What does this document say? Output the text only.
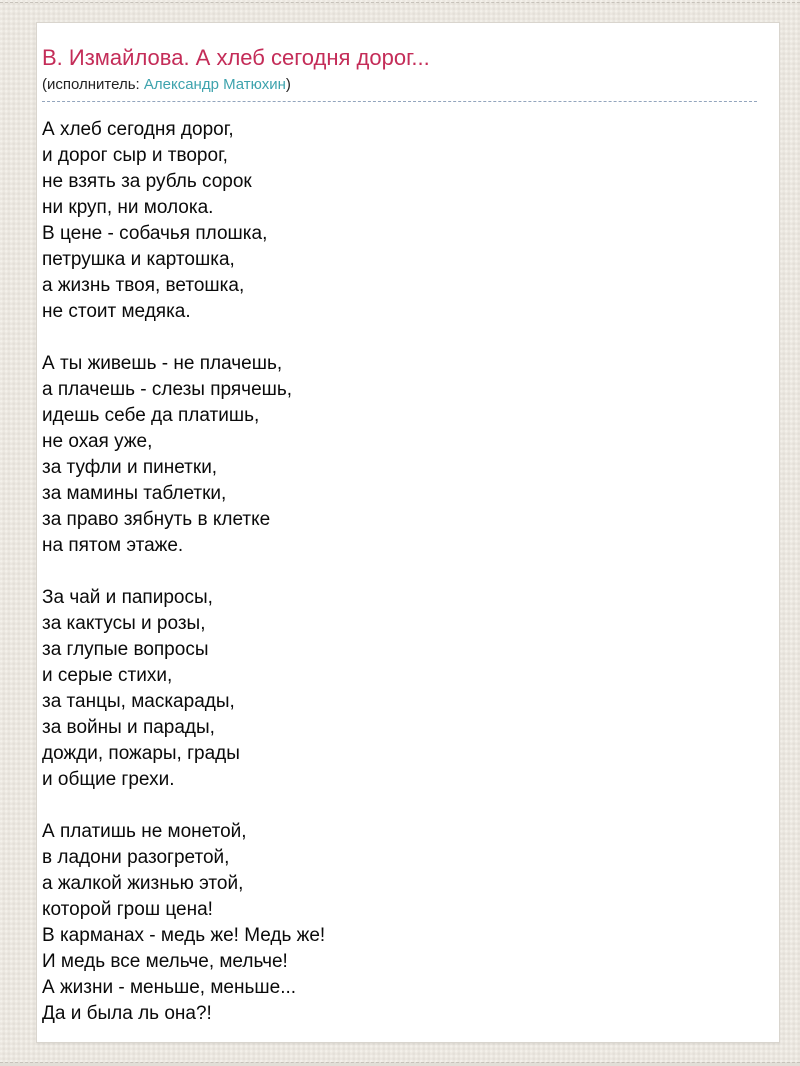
В. Измайлова. А хлеб сегодня дорог...
(исполнитель: Александр Матюхин)
А хлеб сегодня дорог,
и дорог сыр и творог,
не взять за рубль сорок
ни круп, ни молока.
В цене - собачья плошка,
петрушка и картошка,
а жизнь твоя, ветошка,
не стоит медяка.
А ты живешь - не плачешь,
а плачешь - слезы прячешь,
идешь себе да платишь,
не охая уже,
за туфли и пинетки,
за мамины таблетки,
за право зябнуть в клетке
на пятом этаже.
За чай и папиросы,
за кактусы и розы,
за глупые вопросы
и серые стихи,
за танцы, маскарады,
за войны и парады,
дожди, пожары, грады
и общие грехи.
А платишь не монетой,
в ладони разогретой,
а жалкой жизнью этой,
которой грош цена!
В карманах - медь же! Медь же!
И медь все мельче, мельче!
А жизни - меньше, меньше...
Да и была ль она?!
